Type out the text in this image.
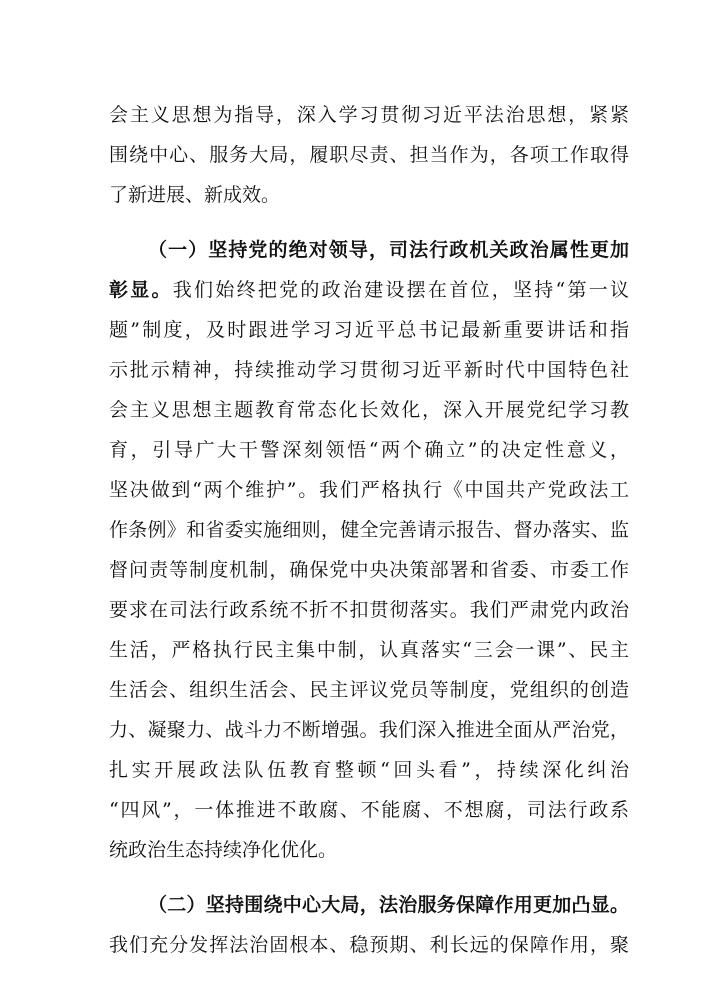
会主义思想为指导，深入学习贯彻习近平法治思想，紧紧
围绕中心、服务大局，履职尽责、担当作为，各项工作取得
了新进展、新成效。
（一）坚持党的绝对领导，司法行政机关政治属性更加
彰显。我们始终把党的政治建设摆在首位，坚持“第一议
题”制度，及时跟进学习习近平总书记最新重要讲话和指
示批示精神，持续推动学习贯彻习近平新时代中国特色社
会主义思想主题教育常态化长效化，深入开展党纪学习教
育，引导广大干警深刻领悟“两个确立”的决定性意义，
坚决做到“两个维护”。我们严格执行《中国共产党政法工
作条例》和省委实施细则，健全完善请示报告、督办落实、监
督问责等制度机制，确保党中央决策部署和省委、市委工作
要求在司法行政系统不折不扣贯彻落实。我们严肃党内政治
生活，严格执行民主集中制，认真落实“三会一课”、民主
生活会、组织生活会、民主评议党员等制度，党组织的创造
力、凝聚力、战斗力不断增强。我们深入推进全面从严治党，
扎实开展政法队伍教育整顿“回头看”，持续深化纠治
“四风”，一体推进不敢腐、不能腐、不想腐，司法行政系
统政治生态持续净化优化。
（二）坚持围绕中心大局，法治服务保障作用更加凸显。
我们充分发挥法治固根本、稳预期、利长远的保障作用，聚
